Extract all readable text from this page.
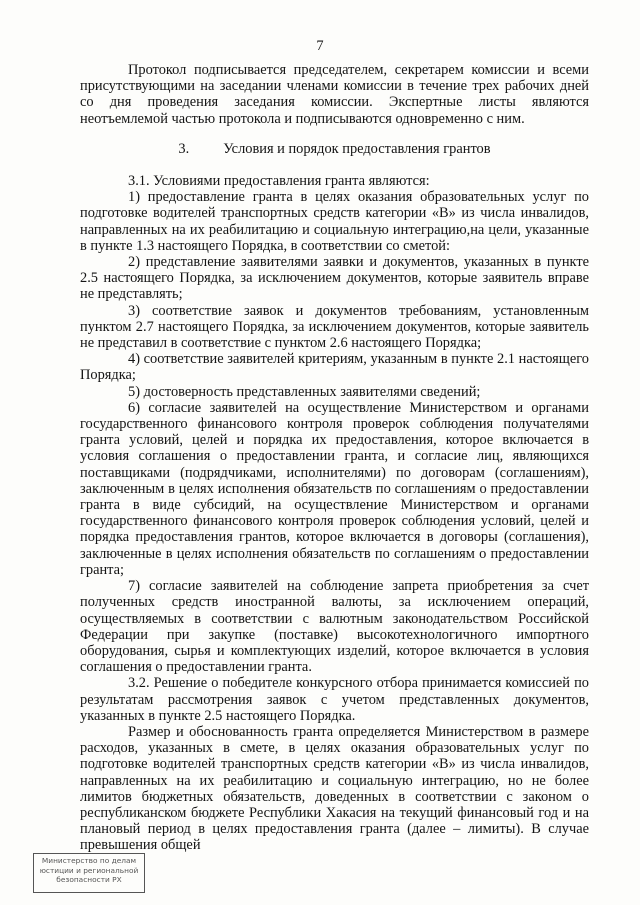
7

Протокол подписывается председателем, секретарем комиссии и всеми присутствующими на заседании членами комиссии в течение трех рабочих дней со дня проведения заседания комиссии. Экспертные листы являются неотъемлемой частью протокола и подписываются одновременно с ним.

3. Условия и порядок предоставления грантов

3.1. Условиями предоставления гранта являются:

1) предоставление гранта в целях оказания образовательных услуг по подготовке водителей транспортных средств категории «В» из числа инвалидов, направленных на их реабилитацию и социальную интеграцию,на цели, указанные в пункте 1.3 настоящего Порядка, в соответствии со сметой:

2) представление заявителями заявки и документов, указанных в пункте 2.5 настоящего Порядка, за исключением документов, которые заявитель вправе не представлять;

3) соответствие заявок и документов требованиям, установленным пунктом 2.7 настоящего Порядка, за исключением документов, которые заявитель не представил в соответствие с пунктом 2.6 настоящего Порядка;

4) соответствие заявителей критериям, указанным в пункте 2.1 настоящего Порядка;

5) достоверность представленных заявителями сведений;

6) согласие заявителей на осуществление Министерством и органами государственного финансового контроля проверок соблюдения получателями гранта условий, целей и порядка их предоставления, которое включается в условия соглашения о предоставлении гранта, и согласие лиц, являющихся поставщиками (подрядчиками, исполнителями) по договорам (соглашениям), заключенным в целях исполнения обязательств по соглашениям о предоставлении гранта в виде субсидий, на осуществление Министерством и органами государственного финансового контроля проверок соблюдения условий, целей и порядка предоставления грантов, которое включается в договоры (соглашения), заключенные в целях исполнения обязательств по соглашениям о предоставлении гранта;

7) согласие заявителей на соблюдение запрета приобретения за счет полученных средств иностранной валюты, за исключением операций, осуществляемых в соответствии с валютным законодательством Российской Федерации при закупке (поставке) высокотехнологичного импортного оборудования, сырья и комплектующих изделий, которое включается в условия соглашения о предоставлении гранта.

3.2. Решение о победителе конкурсного отбора принимается комиссией по результатам рассмотрения заявок с учетом представленных документов, указанных в пункте 2.5 настоящего Порядка.

Размер и обоснованность гранта определяется Министерством в размере расходов, указанных в смете, в целях оказания образовательных услуг по подготовке водителей транспортных средств категории «В» из числа инвалидов, направленных на их реабилитацию и социальную интеграцию, но не более лимитов бюджетных обязательств, доведенных в соответствии с законом о республиканском бюджете Республики Хакасия на текущий финансовый год и на плановый период в целях предоставления гранта (далее – лимиты). В случае превышения общей

Министерство по делам
юстиции и региональной
безопасности РХ
